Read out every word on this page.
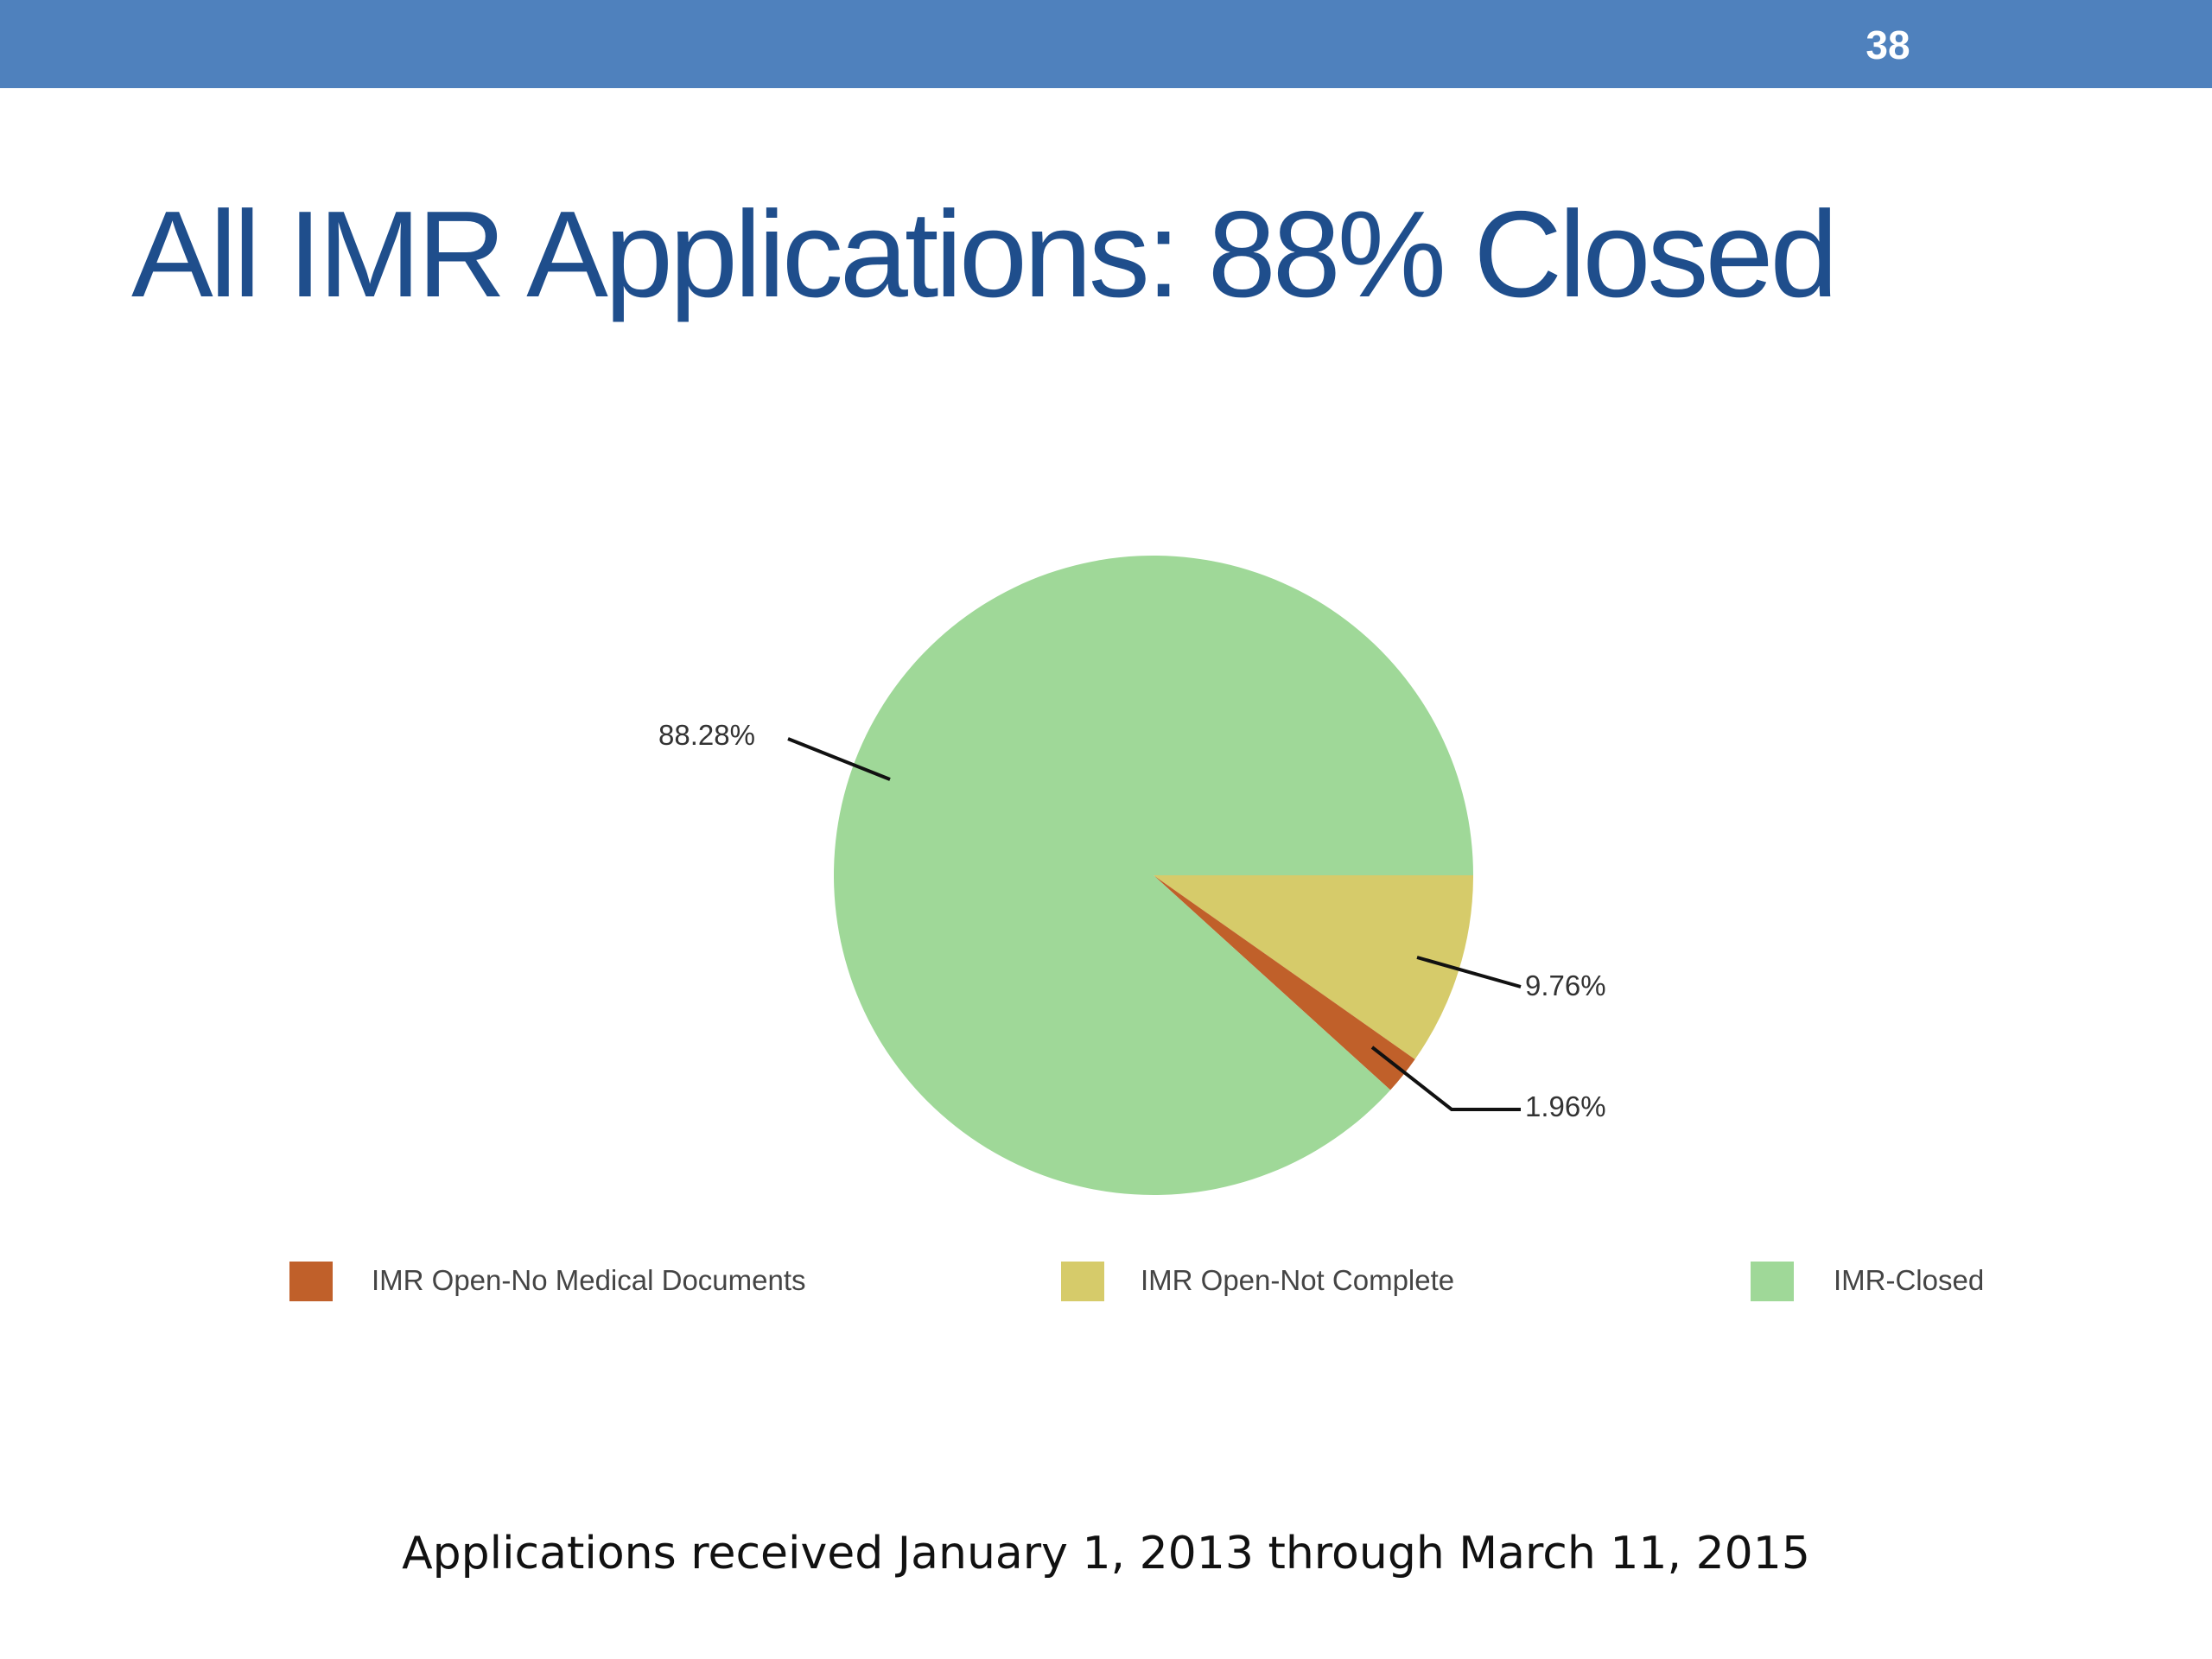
38
All IMR Applications: 88% Closed
88.28%
9.76%
1.96%
IMR Open-No Medical Documents	IMR Open-Not Complete	IMR-Closed
Applications received January 1, 2013 through March 11, 2015
